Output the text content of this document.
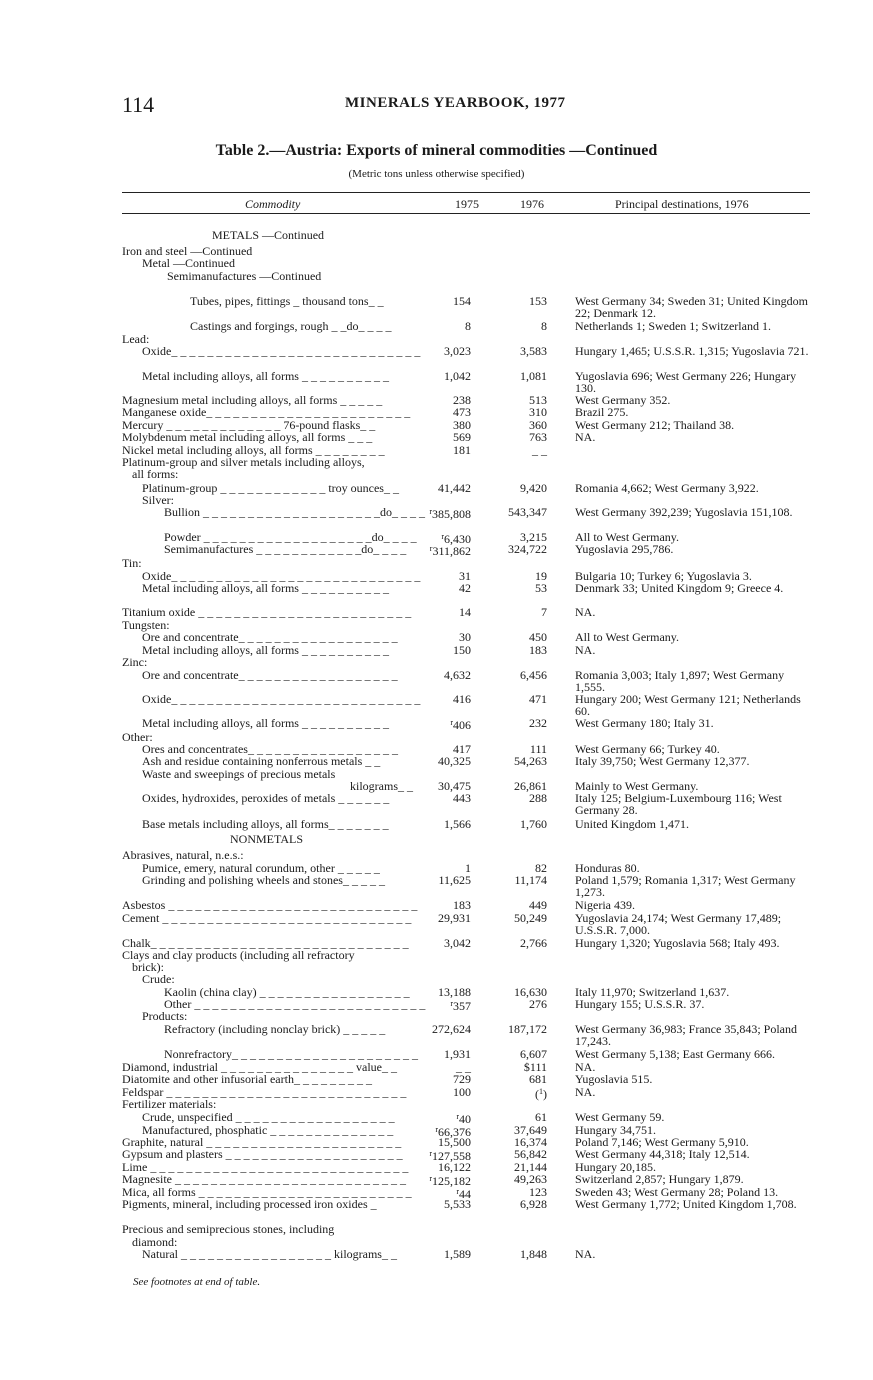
114	MINERALS YEARBOOK, 1977
Table 2.—Austria: Exports of mineral commodities —Continued
(Metric tons unless otherwise specified)
Commodity	1975	1976	Principal destinations, 1976
METALS —Continued
Iron and steel —Continued
Metal —Continued
Semimanufactures —Continued
Tubes, pipes, fittings _ thousand tons_ _	154	153 West Germany 34; Sweden 31; United Kingdom 22; Denmark 12.
Castings and forgings, rough _ _do_ _ _ _	8	8 Netherlands 1; Sweden 1; Switzerland 1.
Lead:
Oxide_ _ _ _ _ _ _ _ _ _ _ _ _ _ _ _ _ _ _ _ _ _ _ _ _ _ _ _ 3,023	3,583 Hungary 1,465; U.S.S.R. 1,315; Yugoslavia 721.
Metal including alloys, all forms _ _ _ _ _ _ _ _ _ _	1,042	1,081 Yugoslavia 696; West Germany 226; Hungary 130.
Magnesium metal including alloys, all forms _ _ _ _ _	238	513 West Germany 352.
Manganese oxide_ _ _ _ _ _ _ _ _ _ _ _ _ _ _ _ _ _ _ _ _ _ _	473	310 Brazil 275.
Mercury _ _ _ _ _ _ _ _ _ _ _ _ _ 76-pound flasks_ _	380	360 West Germany 212; Thailand 38.
Molybdenum metal including alloys, all forms _ _ _	569	763 NA.
Nickel metal including alloys, all forms _ _ _ _ _ _ _ _	181	_ _
Platinum-group and silver metals including alloys,
all forms:
Platinum-group _ _ _ _ _ _ _ _ _ _ _ _ troy ounces_ _	41,442	9,420 Romania 4,662; West Germany 3,922.
Silver:
Bullion _ _ _ _ _ _ _ _ _ _ _ _ _ _ _ _ _ _ _ _do_ _ _ _ $^r$385,808	543,347 West Germany 392,239; Yugoslavia 151,108.
Powder _ _ _ _ _ _ _ _ _ _ _ _ _ _ _ _ _ _ _do_ _ _ _	$^r$6,430	3,215 All to West Germany.
Semimanufactures _ _ _ _ _ _ _ _ _ _ _ _do_ _ _ _	$^r$311,862	324,722 Yugoslavia 295,786.
Tin:
Oxide_ _ _ _ _ _ _ _ _ _ _ _ _ _ _ _ _ _ _ _ _ _ _ _ _ _ _ _	31	19 Bulgaria 10; Turkey 6; Yugoslavia 3.
Metal including alloys, all forms _ _ _ _ _ _ _ _ _ _	42	53 Denmark 33; United Kingdom 9; Greece 4.
Titanium oxide _ _ _ _ _ _ _ _ _ _ _ _ _ _ _ _ _ _ _ _ _ _ _ _	14	7 NA.
Tungsten:
Ore and concentrate_ _ _ _ _ _ _ _ _ _ _ _ _ _ _ _ _ _	30	450 All to West Germany.
Metal including alloys, all forms _ _ _ _ _ _ _ _ _ _	150	183 NA.
Zinc:
Ore and concentrate_ _ _ _ _ _ _ _ _ _ _ _ _ _ _ _ _ _	4,632	6,456 Romania 3,003; Italy 1,897; West Germany 1,555.
Oxide_ _ _ _ _ _ _ _ _ _ _ _ _ _ _ _ _ _ _ _ _ _ _ _ _ _ _ _	416	471 Hungary 200; West Germany 121; Netherlands 60.
Metal including alloys, all forms _ _ _ _ _ _ _ _ _ _	$^r$406	232 West Germany 180; Italy 31.
Other:
Ores and concentrates_ _ _ _ _ _ _ _ _ _ _ _ _ _ _ _ _	417	111 West Germany 66; Turkey 40.
Ash and residue containing nonferrous metals _ _	40,325	54,263 Italy 39,750; West Germany 12,377.
Waste and sweepings of precious metals
kilograms_ _ 30,475	26,861 Mainly to West Germany.
Oxides, hydroxides, peroxides of metals _ _ _ _ _ _	443	288 Italy 125; Belgium-Luxembourg 116; West Germany 28.
Base metals including alloys, all forms_ _ _ _ _ _ _	1,566	1,760 United Kingdom 1,471.
NONMETALS
Abrasives, natural, n.e.s.:
Pumice, emery, natural corundum, other _ _ _ _ _	1	82 Honduras 80.
Grinding and polishing wheels and stones_ _ _ _ _	11,625	11,174 Poland 1,579; Romania 1,317; West Germany 1,273.
Asbestos _ _ _ _ _ _ _ _ _ _ _ _ _ _ _ _ _ _ _ _ _ _ _ _ _ _ _ _	183	449 Nigeria 439.
Cement _ _ _ _ _ _ _ _ _ _ _ _ _ _ _ _ _ _ _ _ _ _ _ _ _ _ _ _ 29,931	50,249 Yugoslavia 24,174; West Germany 17,489; U.S.S.R. 7,000.
Chalk_ _ _ _ _ _ _ _ _ _ _ _ _ _ _ _ _ _ _ _ _ _ _ _ _ _ _ _ _	3,042	2,766 Hungary 1,320; Yugoslavia 568; Italy 493.
Clays and clay products (including all refractory
brick):
Crude:
Kaolin (china clay) _ _ _ _ _ _ _ _ _ _ _ _ _ _ _ _ _ 13,188	16,630 Italy 11,970; Switzerland 1,637.
Other _ _ _ _ _ _ _ _ _ _ _ _ _ _ _ _ _ _ _ _ _ _ _ _ _ _	$^r$357	276 Hungary 155; U.S.S.R. 37.
Products:
Refractory (including nonclay brick) _ _ _ _ _	272,624	187,172 West Germany 36,983; France 35,843; Poland 17,243.
Nonrefractory_ _ _ _ _ _ _ _ _ _ _ _ _ _ _ _ _ _ _ _ _ 1,931	6,607 West Germany 5,138; East Germany 666.
Diamond, industrial _ _ _ _ _ _ _ _ _ _ _ _ _ _ _ value_ _	_ _	$111 NA.
Diatomite and other infusorial earth_ _ _ _ _ _ _ _ _	729	681 Yugoslavia 515.
Feldspar _ _ _ _ _ _ _ _ _ _ _ _ _ _ _ _ _ _ _ _ _ _ _ _ _ _ _	100	($^1$) NA.
Fertilizer materials:
Crude, unspecified _ _ _ _ _ _ _ _ _ _ _ _ _ _ _ _ _ _	$^r$40	61 West Germany 59.
Manufactured, phosphatic _ _ _ _ _ _ _ _ _ _ _ _ _ _	$^r$66,376	37,649 Hungary 34,751.
Graphite, natural _ _ _ _ _ _ _ _ _ _ _ _ _ _ _ _ _ _ _ _ _ _	15,500	16,374 Poland 7,146; West Germany 5,910.
Gypsum and plasters _ _ _ _ _ _ _ _ _ _ _ _ _ _ _ _ _ _ _ _	$^r$127,558	56,842 West Germany 44,318; Italy 12,514.
Lime _ _ _ _ _ _ _ _ _ _ _ _ _ _ _ _ _ _ _ _ _ _ _ _ _ _ _ _ _ 16,122	21,144 Hungary 20,185.
Magnesite _ _ _ _ _ _ _ _ _ _ _ _ _ _ _ _ _ _ _ _ _ _ _ _ _ _	$^r$125,182	49,263 Switzerland 2,857; Hungary 1,879.
Mica, all forms _ _ _ _ _ _ _ _ _ _ _ _ _ _ _ _ _ _ _ _ _ _ _ _	$^r$44	123 Sweden 43; West Germany 28; Poland 13.
Pigments, mineral, including processed iron oxides _	5,533	6,928 West Germany 1,772; United Kingdom 1,708.
Precious and semiprecious stones, including
diamond:
Natural _ _ _ _ _ _ _ _ _ _ _ _ _ _ _ _ _ kilograms_ _	1,589	1,848 NA.
See footnotes at end of table.
